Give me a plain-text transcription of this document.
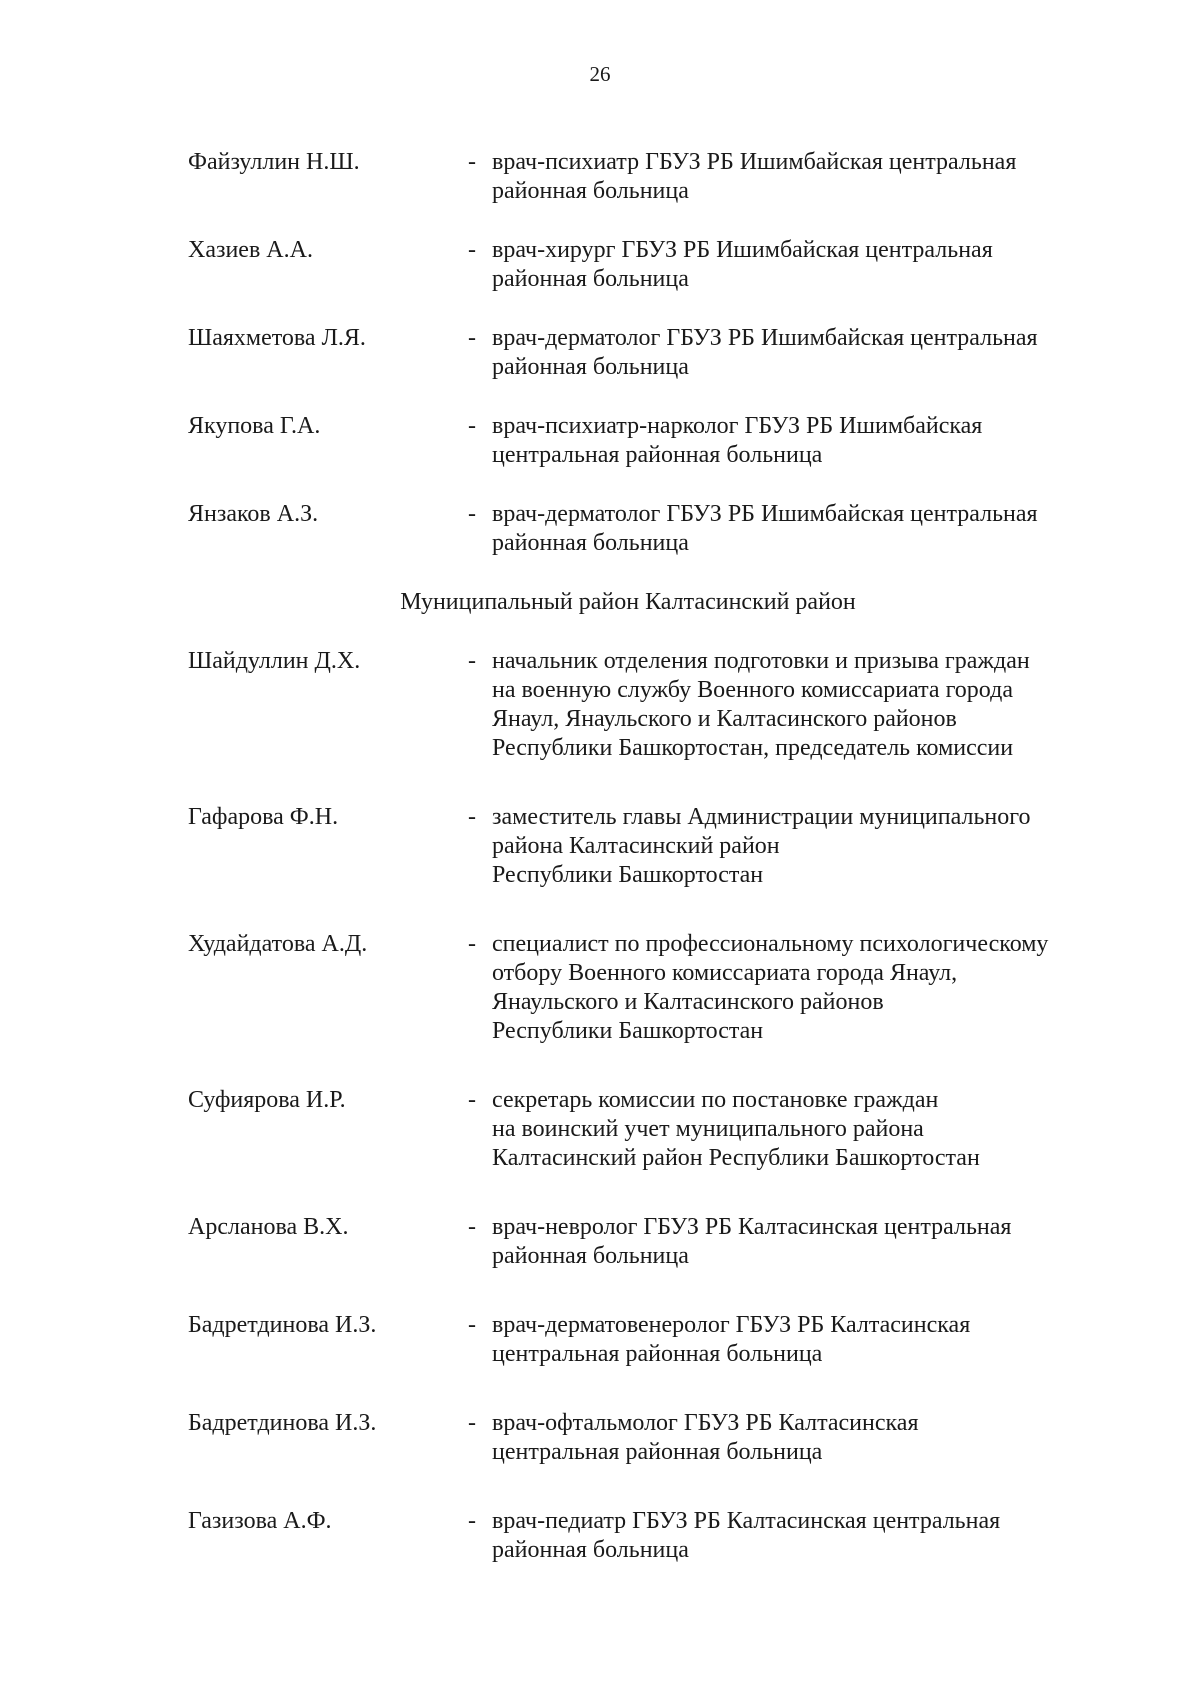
26
Файзуллин Н.Ш.	- врач-психиатр ГБУЗ РБ Ишимбайская центральная
районная больница
Хазиев А.А.	- врач-хирург ГБУЗ РБ Ишимбайская центральная
районная больница
Шаяхметова Л.Я.	- врач-дерматолог ГБУЗ РБ Ишимбайская центральная
районная больница
Якупова Г.А.	- врач-психиатр-нарколог ГБУЗ РБ Ишимбайская
центральная районная больница
Янзаков А.З.	- врач-дерматолог ГБУЗ РБ Ишимбайская центральная
районная больница
Муниципальный район Калтасинский район
Шайдуллин Д.Х.	- начальник отделения подготовки и призыва граждан
на военную службу Военного комиссариата города
Янаул, Янаульского и Калтасинского районов
Республики Башкортостан, председатель комиссии
Гафарова Ф.Н.	- заместитель главы Администрации муниципального
района Калтасинский район
Республики Башкортостан
Худайдатова А.Д.	- специалист по профессиональному психологическому
отбору Военного комиссариата города Янаул,
Янаульского и Калтасинского районов
Республики Башкортостан
Суфиярова И.Р.	- секретарь комиссии по постановке граждан
на воинский учет муниципального района
Калтасинский район Республики Башкортостан
Арсланова В.Х.	- врач-невролог ГБУЗ РБ Калтасинская центральная
районная больница
Бадретдинова И.З.	- врач-дерматовенеролог ГБУЗ РБ Калтасинская
центральная районная больница
Бадретдинова И.З.	- врач-офтальмолог ГБУЗ РБ Калтасинская
центральная районная больница
Газизова А.Ф.	- врач-педиатр ГБУЗ РБ Калтасинская центральная
районная больница
